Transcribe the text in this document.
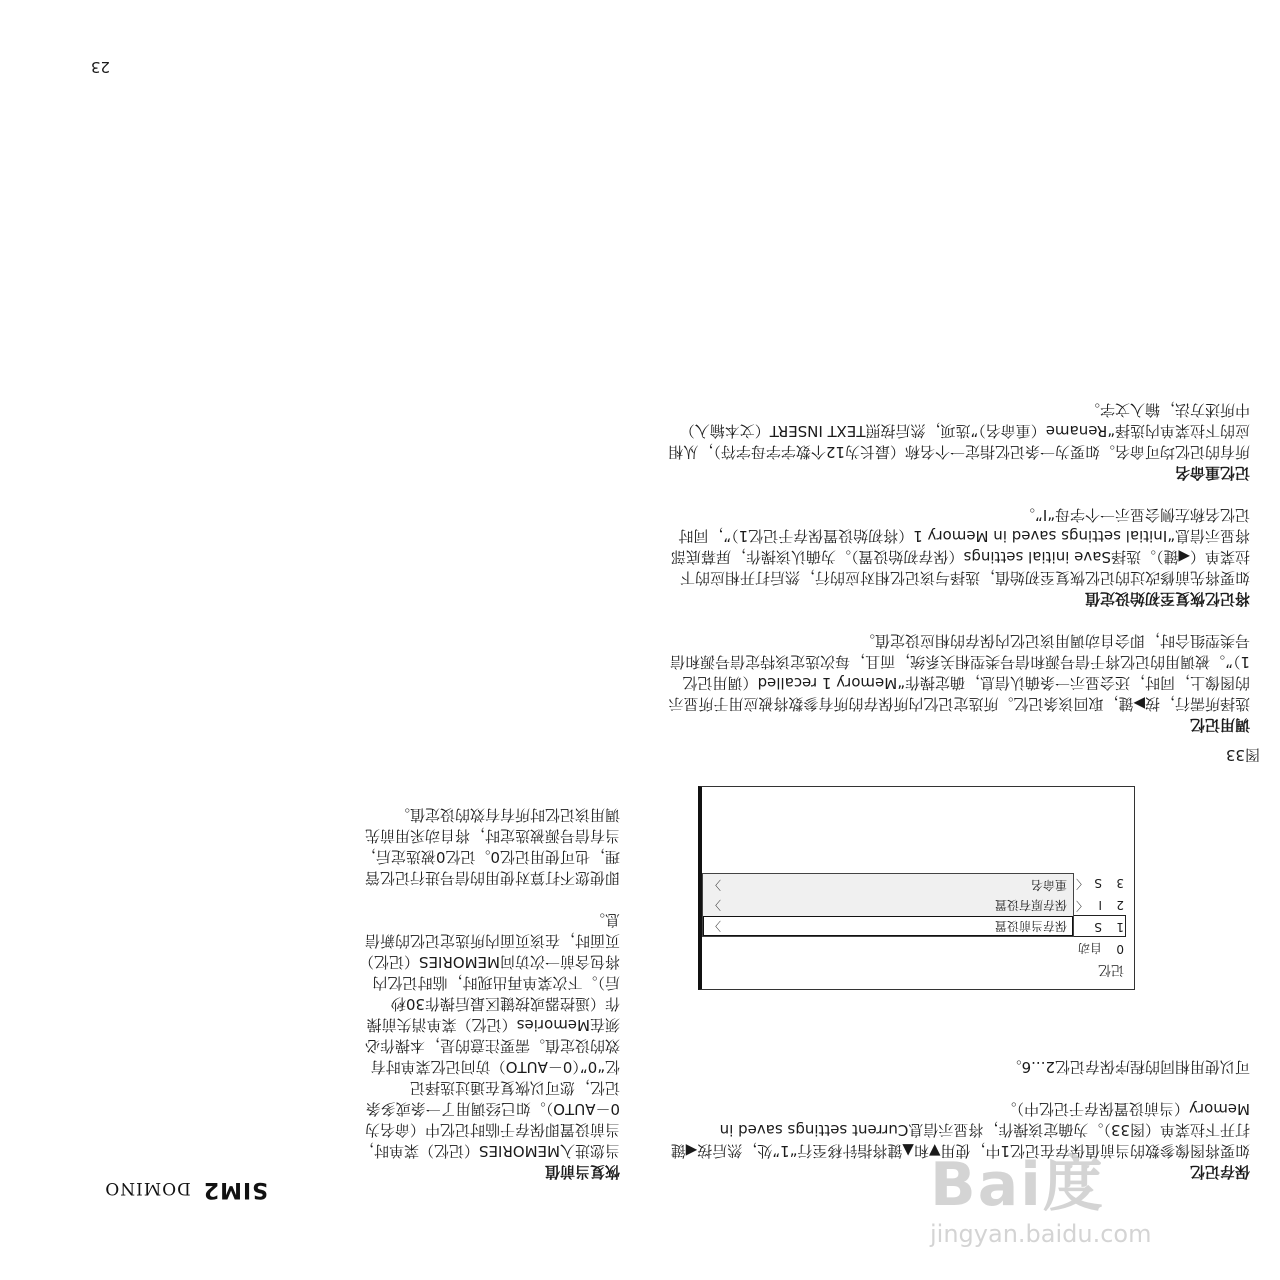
SIM2
DOMINO

恢复当前值
当您进入MEMORIES（记忆）菜单时，当前设置即保存于临时记忆中（命名为0－AUTO）。如已经调用了一条或多条记忆，您可以恢复在通过选择记忆“0”（0－AUTO）访问记忆菜单时有效的设定值。需要注意的是，本操作必须在Memories（记忆）菜单消失前操作（遥控器或按键区最后操作30秒后）。下次菜单再出现时，临时记忆内将包含前一次访问MEMORIES（记忆）页面时，在该页面内所选定记忆的新信息。

即使您不打算对使用的信号进行记忆管理，也可使用记忆0。记忆0被选定后，当有信号源被选定时，将自动采用前先调用该记忆时所有有效的设定值。

保存记忆
如要将图像参数的当前值保存在记忆1中，使用▼和▲键将指针移至行“1”处，然后按◀键打开下拉菜单（图33）。为确定该操作，将显示信息Current settings saved in Memory（当前设置保存于记忆中）。

可以使用相同的程序保存记忆2...6。

调用记忆
选择所需行，按▶键，取回该条记忆。所选定记忆内所保存的所有参数将被应用于所显示的图像上，同时，还会显示一条确认信息，确定操作“Memory 1 recalled（调用记忆1）”。被调用的记忆将于信号源和信号类型相关系统，而且，每次选定该特定信号源和信号类型组合时，即会自动调用该记忆内保存的相应设定值。

将记忆恢复至初始设定值
如要将先前修改过的记忆恢复至初始值，选择与该记忆相对应的行，然后打开相应的下拉菜单（◀键）。选择Save initial settings（保存初始设置）。为确认该操作，屏幕底部将显示信息“Initial settings saved in Memory 1（将初始设置保存于记忆1）”，同时记忆名称左侧会显示一个字母“I”。

记忆重命名
所有的记忆均可命名。如要为一条记忆指定一个名称（最长为12个数字字母字符），从相应的下拉菜单内选择“Rename（重命名）”选项，然后按照TEXT INSERT（文本输入）中所述方法，输入文字。

记忆
0
自动
1
S
2
I
3
S
保存当前设置
〉
保存原有设置
〉
重命名
〉
〈
〈
图33
23
Bai度
jingyan.baidu.com
